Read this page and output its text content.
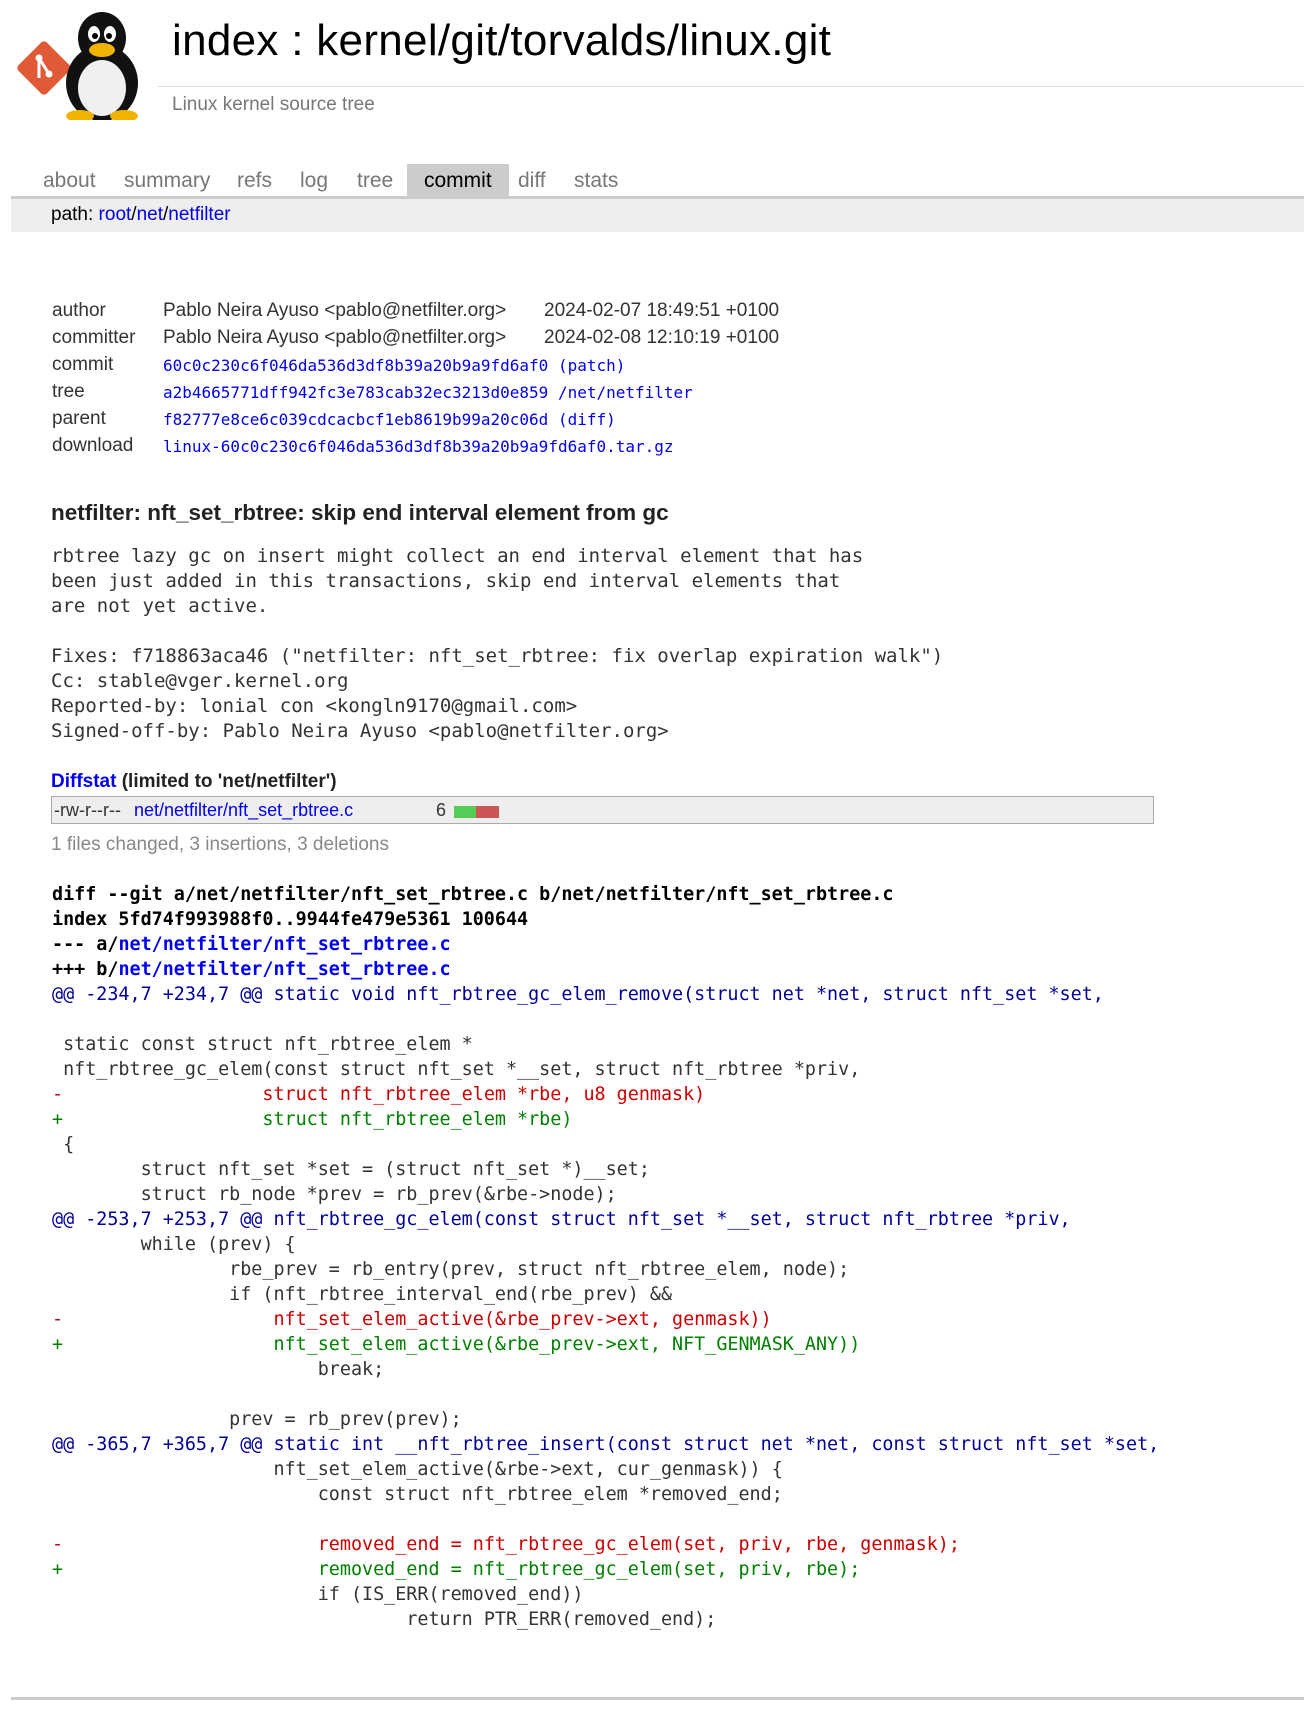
index : kernel/git/torvalds/linux.git
Linux kernel source tree
about	summary	refs	log	tree	commit	diff	stats
path: root/net/netfilter
author	Pablo Neira Ayuso <pablo@netfilter.org> 2024-02-07 18:49:51 +0100
committer Pablo Neira Ayuso <pablo@netfilter.org> 2024-02-08 12:10:19 +0100
commit	60c0c230c6f046da536d3df8b39a20b9a9fd6af0 (patch)
tree	a2b4665771dff942fc3e783cab32ec3213d0e859 /net/netfilter
parent	f82777e8ce6c039cdcacbcf1eb8619b99a20c06d (diff)
download linux-60c0c230c6f046da536d3df8b39a20b9a9fd6af0.tar.gz
netfilter: nft_set_rbtree: skip end interval element from gc
rbtree lazy gc on insert might collect an end interval element that has
been just added in this transactions, skip end interval elements that
are not yet active.

Fixes: f718863aca46 ("netfilter: nft_set_rbtree: fix overlap expiration walk")
Cc: stable@vger.kernel.org
Reported-by: lonial con <kongln9170@gmail.com>
Signed-off-by: Pablo Neira Ayuso <pablo@netfilter.org>
Diffstat (limited to 'net/netfilter')
-rw-r--r-- net/netfilter/nft_set_rbtree.c	6
1 files changed, 3 insertions, 3 deletions
diff --git a/net/netfilter/nft_set_rbtree.c b/net/netfilter/nft_set_rbtree.c
index 5fd74f993988f0..9944fe479e5361 100644
--- a/net/netfilter/nft_set_rbtree.c
+++ b/net/netfilter/nft_set_rbtree.c
@@ -234,7 +234,7 @@ static void nft_rbtree_gc_elem_remove(struct net *net, struct nft_set *set,
static const struct nft_rbtree_elem *
nft_rbtree_gc_elem(const struct nft_set *__set, struct nft_rbtree *priv,
-		struct nft_rbtree_elem *rbe, u8 genmask)
+		struct nft_rbtree_elem *rbe)
{
	struct nft_set *set = (struct nft_set *)__set;
	struct rb_node *prev = rb_prev(&rbe->node);
@@ -253,7 +253,7 @@ nft_rbtree_gc_elem(const struct nft_set *__set, struct nft_rbtree *priv,
	while (prev) {
		rbe_prev = rb_entry(prev, struct nft_rbtree_elem, node);
		if (nft_rbtree_interval_end(rbe_prev) &&
-		nft_set_elem_active(&rbe_prev->ext, genmask))
+		nft_set_elem_active(&rbe_prev->ext, NFT_GENMASK_ANY))
			break;
		prev = rb_prev(prev);
@@ -365,7 +365,7 @@ static int __nft_rbtree_insert(const struct net *net, const struct nft_set *set,
		nft_set_elem_active(&rbe->ext, cur_genmask)) {
			const struct nft_rbtree_elem *removed_end;
-			removed_end = nft_rbtree_gc_elem(set, priv, rbe, genmask);
+			removed_end = nft_rbtree_gc_elem(set, priv, rbe);
			if (IS_ERR(removed_end))
				return PTR_ERR(removed_end);
